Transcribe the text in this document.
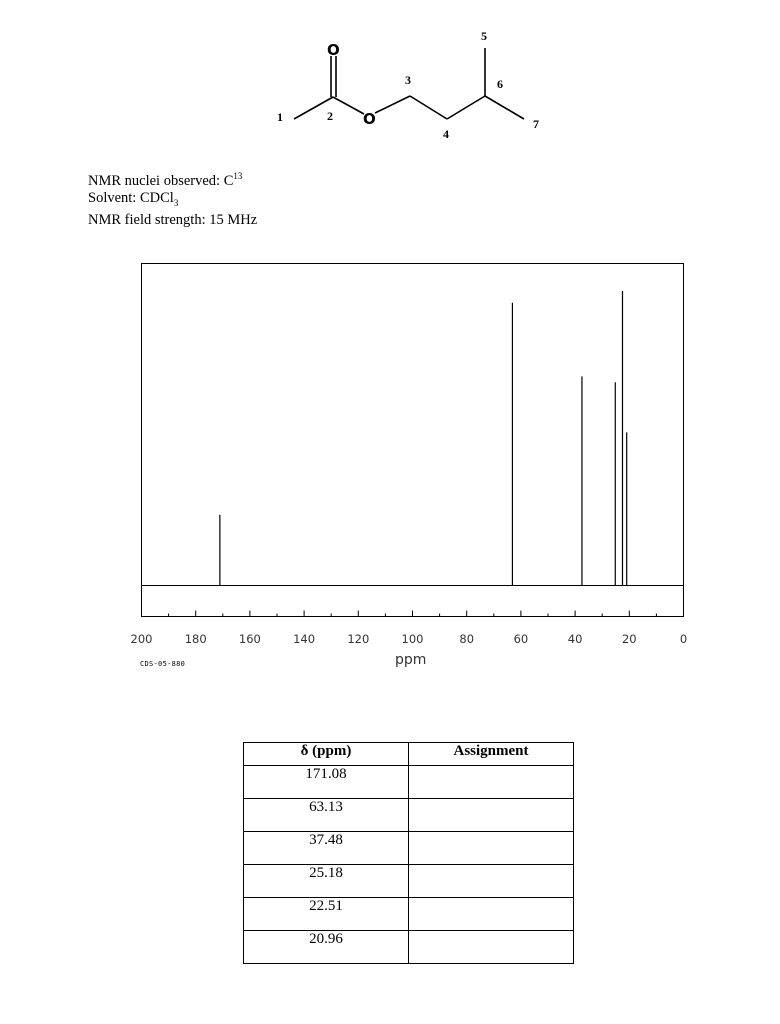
O
O
1	2
3
4
5
6
7
NMR nuclei observed: $C^{13}$
Solvent: CDCl$_3$
NMR field strength: 15 MHz
200	180	160	140	120	100	80	60	40	20	0
CDS-05-880	ppm
δ (ppm)	Assignment
171.08	
63.13	
37.48	
25.18	
22.51	
20.96	
